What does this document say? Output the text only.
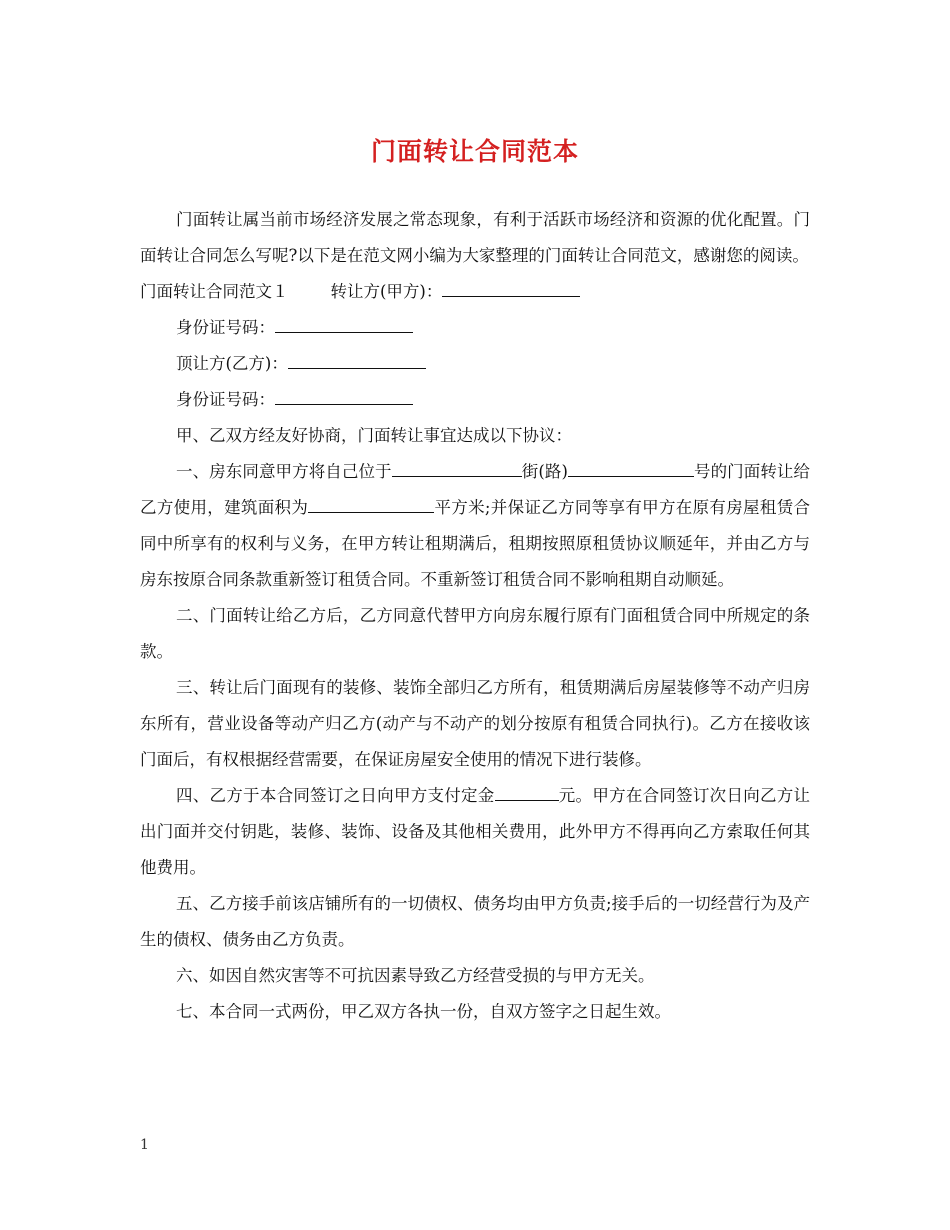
门面转让合同范本

门面转让属当前市场经济发展之常态现象，有利于活跃市场经济和资源的优化配置。门面转让合同怎么写呢?以下是在范文网小编为大家整理的门面转让合同范文，感谢您的阅读。

门面转让合同范文１	转让方(甲方)：

身份证号码：

顶让方(乙方)：

身份证号码：

甲、乙双方经友好协商，门面转让事宜达成以下协议：

一、房东同意甲方将自己位于	街(路)	号的门面转让给乙方使用，建筑面积为	平方米;并保证乙方同等享有甲方在原有房屋租赁合同中所享有的权利与义务，在甲方转让租期满后，租期按照原租赁协议顺延年，并由乙方与房东按原合同条款重新签订租赁合同。不重新签订租赁合同不影响租期自动顺延。

二、门面转让给乙方后，乙方同意代替甲方向房东履行原有门面租赁合同中所规定的条款。

三、转让后门面现有的装修、装饰全部归乙方所有，租赁期满后房屋装修等不动产归房东所有，营业设备等动产归乙方(动产与不动产的划分按原有租赁合同执行)。乙方在接收该门面后，有权根据经营需要，在保证房屋安全使用的情况下进行装修。

四、乙方于本合同签订之日向甲方支付定金	元。甲方在合同签订次日向乙方让出门面并交付钥匙，装修、装饰、设备及其他相关费用，此外甲方不得再向乙方索取任何其他费用。

五、乙方接手前该店铺所有的一切债权、债务均由甲方负责;接手后的一切经营行为及产生的债权、债务由乙方负责。

六、如因自然灾害等不可抗因素导致乙方经营受损的与甲方无关。

七、本合同一式两份，甲乙双方各执一份，自双方签字之日起生效。

1
